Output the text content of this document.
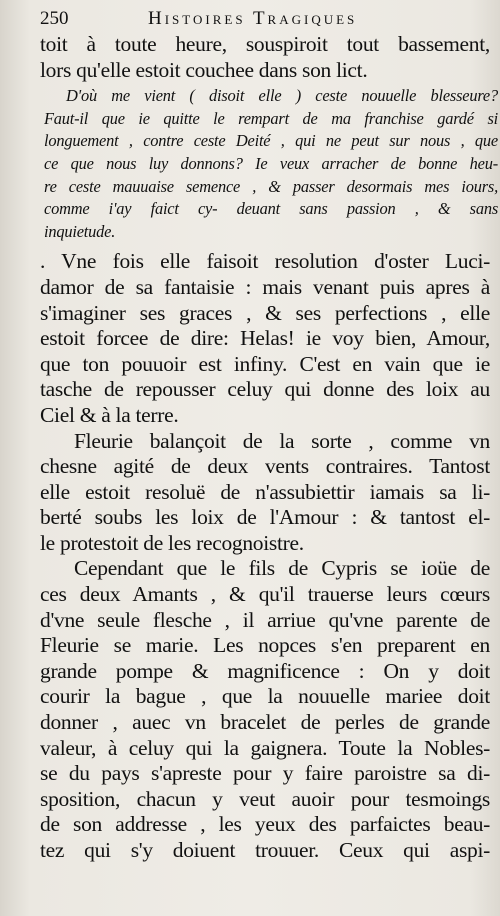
250	Histoires Tragiques
toit à toute heure, souspiroit tout bassement,
lors qu'elle estoit couchee dans son lict.
D'où me vient ( disoit elle ) ceste nouuelle blesseure?
Faut-il que ie quitte le rempart de ma franchise gardé si
longuement , contre ceste Deité , qui ne peut sur nous , que
ce que nous luy donnons? Ie veux arracher de bonne heu-
re ceste mauuaise semence , & passer desormais mes iours,
comme i'ay faict cy- deuant sans passion , & sans
inquietude.
. Vne fois elle faisoit resolution d'oster Luci-
damor de sa fantaisie : mais venant puis apres à
s'imaginer ses graces , & ses perfections , elle
estoit forcee de dire: Helas! ie voy bien, Amour,
que ton pouuoir est infiny. C'est en vain que ie
tasche de repousser celuy qui donne des loix au
Ciel & à la terre.
Fleurie balançoit de la sorte , comme vn
chesne agité de deux vents contraires. Tantost
elle estoit resoluë de n'assubiettir iamais sa li-
berté soubs les loix de l'Amour : & tantost el-
le protestoit de les recognoistre.
Cependant que le fils de Cypris se ioüe de
ces deux Amants , & qu'il trauerse leurs cœurs
d'vne seule flesche , il arriue qu'vne parente de
Fleurie se marie. Les nopces s'en preparent en
grande pompe & magnificence : On y doit
courir la bague , que la nouuelle mariee doit
donner , auec vn bracelet de perles de grande
valeur, à celuy qui la gaignera. Toute la Nobles-
se du pays s'apreste pour y faire paroistre sa di-
sposition, chacun y veut auoir pour tesmoings
de son addresse , les yeux des parfaictes beau-
tez qui s'y doiuent trouuer. Ceux qui aspi-
